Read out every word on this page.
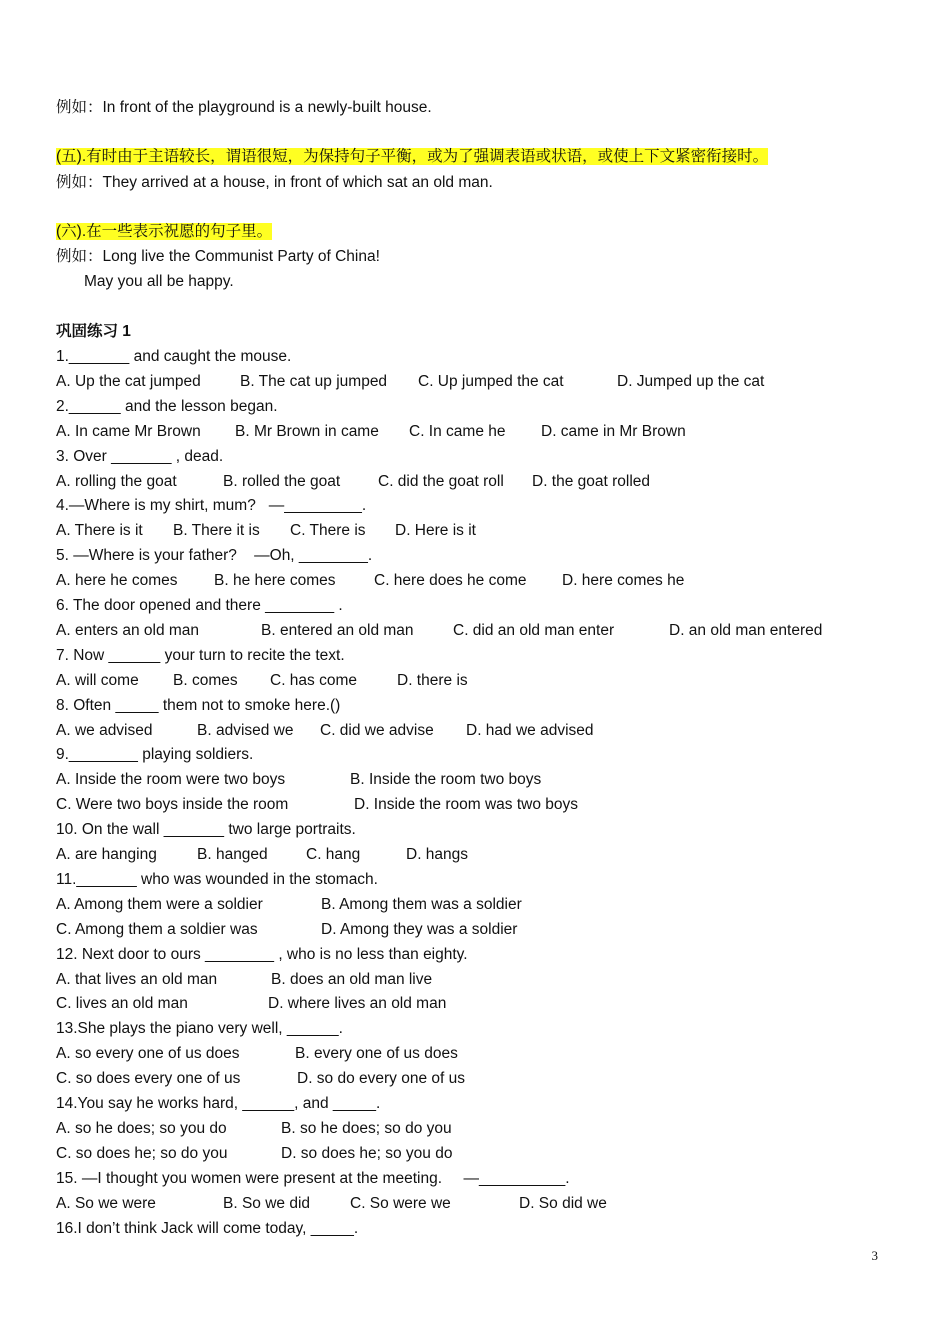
例如：In front of the playground is a newly-built house.
(五).有时由于主语较长，谓语很短，为保持句子平衡，或为了强调表语或状语，或使上下文紧密衔接时。
例如：They arrived at a house, in front of which sat an old man.
(六).在一些表示祝愿的句子里。
例如：Long live the Communist Party of China!
May you all be happy.
巩固练习 1
1._______ and caught the mouse.
A. Up the cat jumped	B. The cat up jumped C. Up jumped the cat	D. Jumped up the cat
2.______ and the lesson began.
A. In came Mr Brown B. Mr Brown in came C. In came he D. came in Mr Brown
3. Over _______ , dead.
A. rolling the goat	B. rolled the goat C. did the goat roll D. the goat rolled
4.—Where is my shirt, mum?   —_________.
A. There is it B. There it is C. There is D. Here is it
5. —Where is your father?    —Oh, ________.
A. here he comes B. he here comes C. here does he come D. here comes he
6. The door opened and there ________ .
A. enters an old man	B. entered an old man	C. did an old man enter	D. an old man entered
7. Now ______ your turn to recite the text.
A. will come B. comes C. has come	D. there is
8. Often _____ them not to smoke here.()
A. we advised	B. advised we C. did we advise D. had we advised
9.________ playing soldiers.
A. Inside the room were two boys	B. Inside the room two boys
C. Were two boys inside the room	D. Inside the room was two boys
10. On the wall _______ two large portraits.
A. are hanging	B. hanged C. hang	D. hangs
11._______ who was wounded in the stomach.
A. Among them were a soldier	B. Among them was a soldier
C. Among them a soldier was	D. Among they was a soldier
12. Next door to ours ________ , who is no less than eighty.
A. that lives an old man	B. does an old man live
C. lives an old man	D. where lives an old man
13.She plays the piano very well, ______.
A. so every one of us does	B. every one of us does
C. so does every one of us	D. so do every one of us
14.You say he works hard, ______, and _____.
A. so he does; so you do	B. so he does; so do you
C. so does he; so do you	D. so does he; so you do
15. —I thought you women were present at the meeting.     —__________.
A. So we were	B. So we did	C. So were we	D. So did we
16.I don’t think Jack will come today, _____.
3
